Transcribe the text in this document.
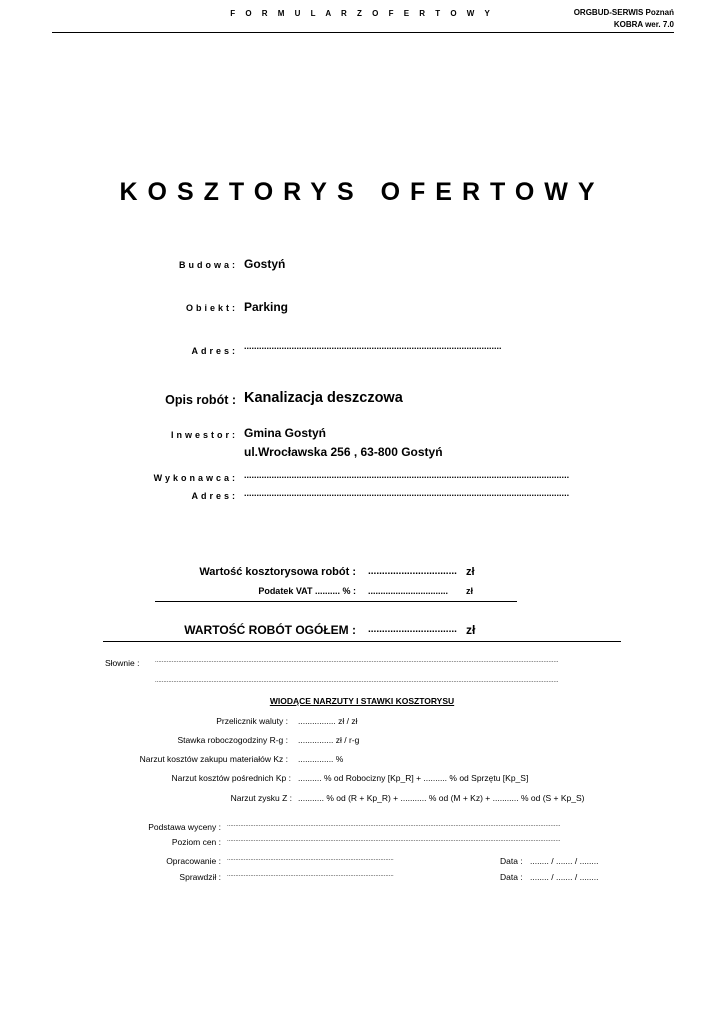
F O R M U L A R Z O F E R T O W Y	ORGBUD-SERWIS Poznań
KOBRA wer. 7.0
KOSZTORYS OFERTOWY
Budowa: Gostyń
Obiekt: Parking
Adres: .......................................................................................................
Opis robót : Kanalizacja deszczowa
Inwestor: Gmina Gostyń
ul.Wrocławska 256 , 63-800 Gostyń
Wykonawca: ..................................................................................................................................
Adres: ..................................................................................................................................
Wartość kosztorysowa robót : ................................ zł
Podatek VAT .......... % : ................................ zł
WARTOŚĆ ROBÓT OGÓŁEM : ................................ zł
Słownie :	..................................................................................................................................................................................................................................................
..................................................................................................................................................................................................................................................
WIODĄCE NARZUTY I STAWKI KOSZTORYSU
Przelicznik waluty : ................ zł / zł
Stawka roboczogodziny R-g : ............... zł / r-g
Narzut kosztów zakupu materiałów Kz : ............... %
Narzut kosztów pośrednich Kp : .......... % od Robocizny [Kp_R] + .......... % od Sprzętu [Kp_S]
Narzut zysku Z : ........... % od (R + Kp_R) + ........... % od (M + Kz) + ........... % od (S + Kp_S)
Podstawa wyceny : ........................................................................................................................................................................................................
Poziom cen : ........................................................................................................................................................................................................
Opracowanie : ....................................................................................................	Data : ........ / ....... / ........
Sprawdził : ....................................................................................................	Data : ........ / ....... / ........
